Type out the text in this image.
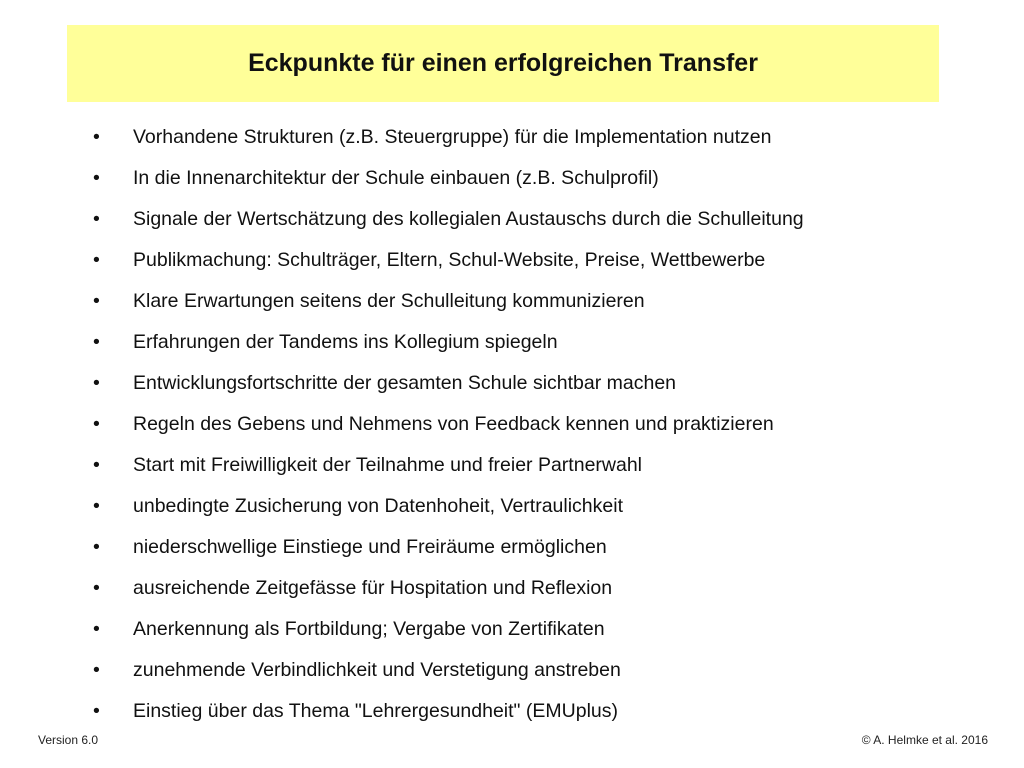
Eckpunkte für einen erfolgreichen Transfer
•	Vorhandene Strukturen (z.B. Steuergruppe) für die Implementation nutzen
•	In die Innenarchitektur der Schule einbauen (z.B. Schulprofil)
•	Signale der Wertschätzung des kollegialen Austauschs durch die Schulleitung
•	Publikmachung: Schulträger, Eltern, Schul-Website, Preise, Wettbewerbe
•	Klare Erwartungen seitens der Schulleitung kommunizieren
•	Erfahrungen der Tandems ins Kollegium spiegeln
•	Entwicklungsfortschritte der gesamten Schule sichtbar machen
•	Regeln des Gebens und Nehmens von Feedback kennen und praktizieren
•	Start mit Freiwilligkeit der Teilnahme und freier Partnerwahl
•	unbedingte Zusicherung von Datenhoheit, Vertraulichkeit
•	niederschwellige Einstiege und Freiräume ermöglichen
•	ausreichende Zeitgefässe für Hospitation und Reflexion
•	Anerkennung als Fortbildung; Vergabe von Zertifikaten
•	zunehmende Verbindlichkeit und Verstetigung anstreben
•	Einstieg über das Thema "Lehrergesundheit" (EMUplus)
Version 6.0	© A. Helmke et al. 2016
